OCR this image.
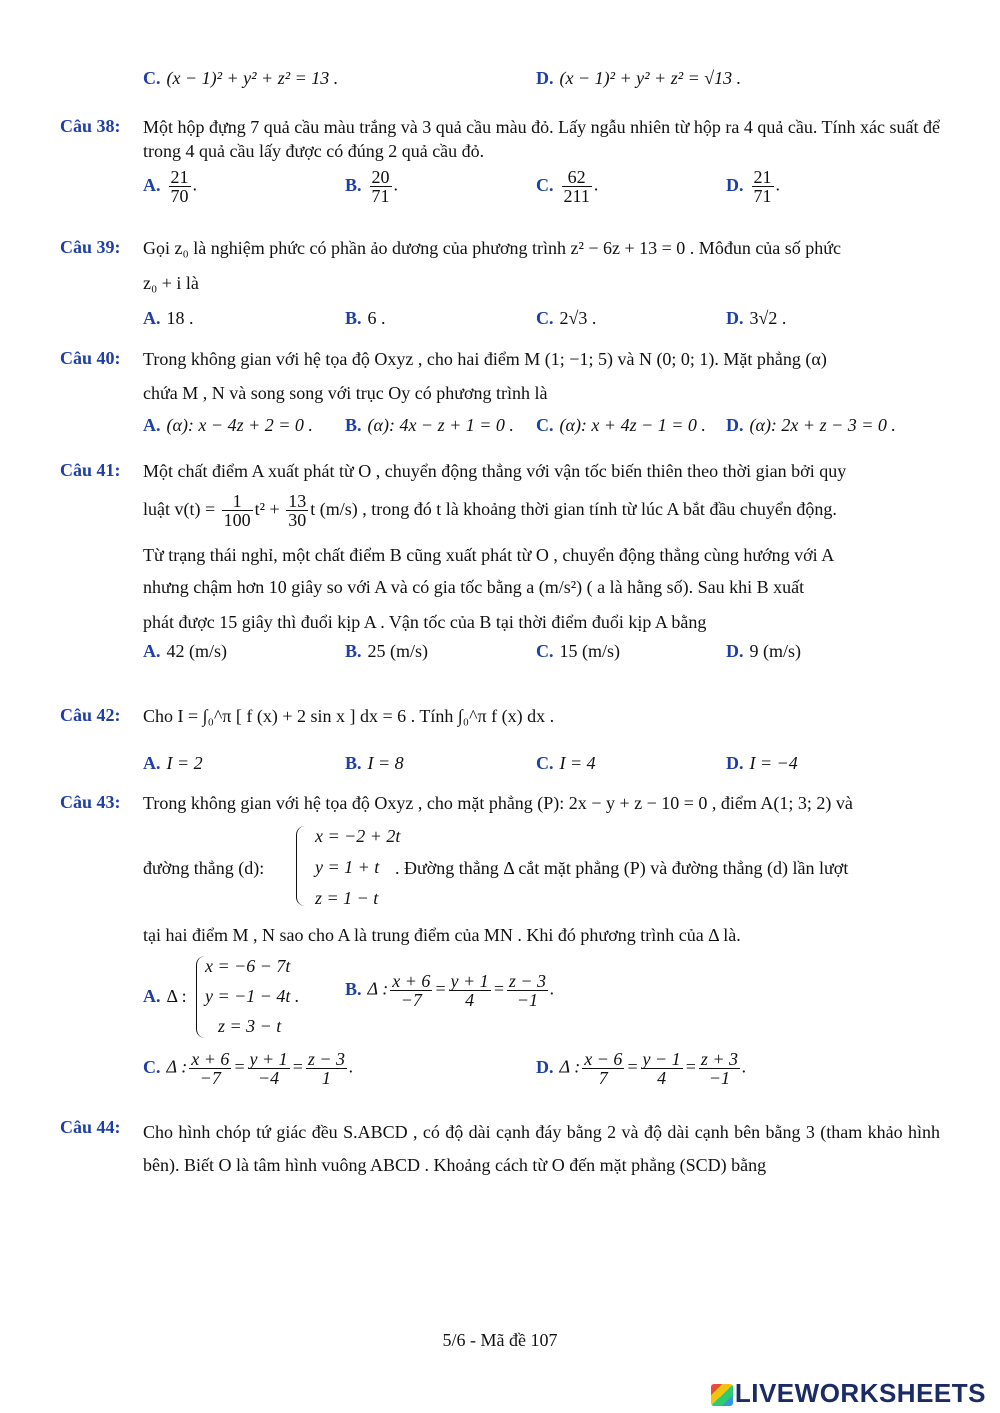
C. (x − 1)² + y² + z² = 13 .	D. (x − 1)² + y² + z² = √13 .
Câu 38: Một hộp đựng 7 quả cầu màu trắng và 3 quả cầu màu đỏ. Lấy ngẫu nhiên từ hộp ra 4 quả cầu. Tính xác suất để trong 4 quả cầu lấy được có đúng 2 quả cầu đỏ.
A. $\frac{21}{70}$ .	B. $\frac{20}{71}$ .	C. $\frac{62}{211}$ .	D. $\frac{21}{71}$ .
Câu 39: Gọi z₀ là nghiệm phức có phần ảo dương của phương trình z² − 6z + 13 = 0 . Môđun của số phức
z₀ + i là
A. 18 .	B. 6 .	C. 2√3 .	D. 3√2 .
Câu 40: Trong không gian với hệ tọa độ Oxyz , cho hai điểm M (1; −1; 5) và N (0; 0; 1). Mặt phẳng (α)
chứa M , N và song song với trục Oy có phương trình là
A. (α): x − 4z + 2 = 0 . B. (α): 4x − z + 1 = 0 . C. (α): x + 4z − 1 = 0 . D. (α): 2x + z − 3 = 0 .
Câu 41: Một chất điểm A xuất phát từ O , chuyển động thẳng với vận tốc biến thiên theo thời gian bởi quy
luật $v(t) = \frac{1}{100} t^2 + \frac{13}{30}$ t (m/s) , trong đó t là khoảng thời gian tính từ lúc A bắt đầu chuyển động.
Từ trạng thái nghỉ, một chất điểm B cũng xuất phát từ O , chuyển động thẳng cùng hướng với A
nhưng chậm hơn 10 giây so với A và có gia tốc bằng a (m/s²) ( a là hằng số). Sau khi B xuất
phát được 15 giây thì đuổi kịp A . Vận tốc của B tại thời điểm đuổi kịp A bằng
A. 42 (m/s)	B. 25 (m/s)	C. 15 (m/s)	D. 9 (m/s)
Câu 42: Cho I = ∫₀^π [ f (x) + 2 sin x ] dx = 6 . Tính ∫₀^π f (x) dx .
A. I = 2	B. I = 8	C. I = 4	D. I = −4
Câu 43: Trong không gian với hệ tọa độ Oxyz , cho mặt phẳng (P): 2x − y + z − 10 = 0 , điểm A(1; 3; 2) và
đường thẳng (d):
x = −2 + 2t
y = 1 + t
z = 1 − t
. Đường thẳng Δ cắt mặt phẳng (P) và đường thẳng (d) lần lượt
tại hai điểm M , N sao cho A là trung điểm của MN . Khi đó phương trình của Δ là.
A. Δ :
x = −6 − 7t
y = −1 − 4t .
z = 3 − t
B. Δ : $\frac{x + 6}{-7} = \frac{y + 1}{4} = \frac{z - 3}{-1}$ .
C. Δ : $\frac{x + 6}{-7} = \frac{y + 1}{-4} = \frac{z - 3}{1}$ .	D. Δ : $\frac{x - 6}{7} = \frac{y - 1}{4} = \frac{z + 3}{-1}$ .
Câu 44: Cho hình chóp tứ giác đều S.ABCD , có độ dài cạnh đáy bằng 2 và độ dài cạnh bên bằng 3 (tham khảo hình bên). Biết O là tâm hình vuông ABCD . Khoảng cách từ O đến mặt phẳng (SCD) bằng
5/6 - Mã đề 107
LIVEWORKSHEETS
